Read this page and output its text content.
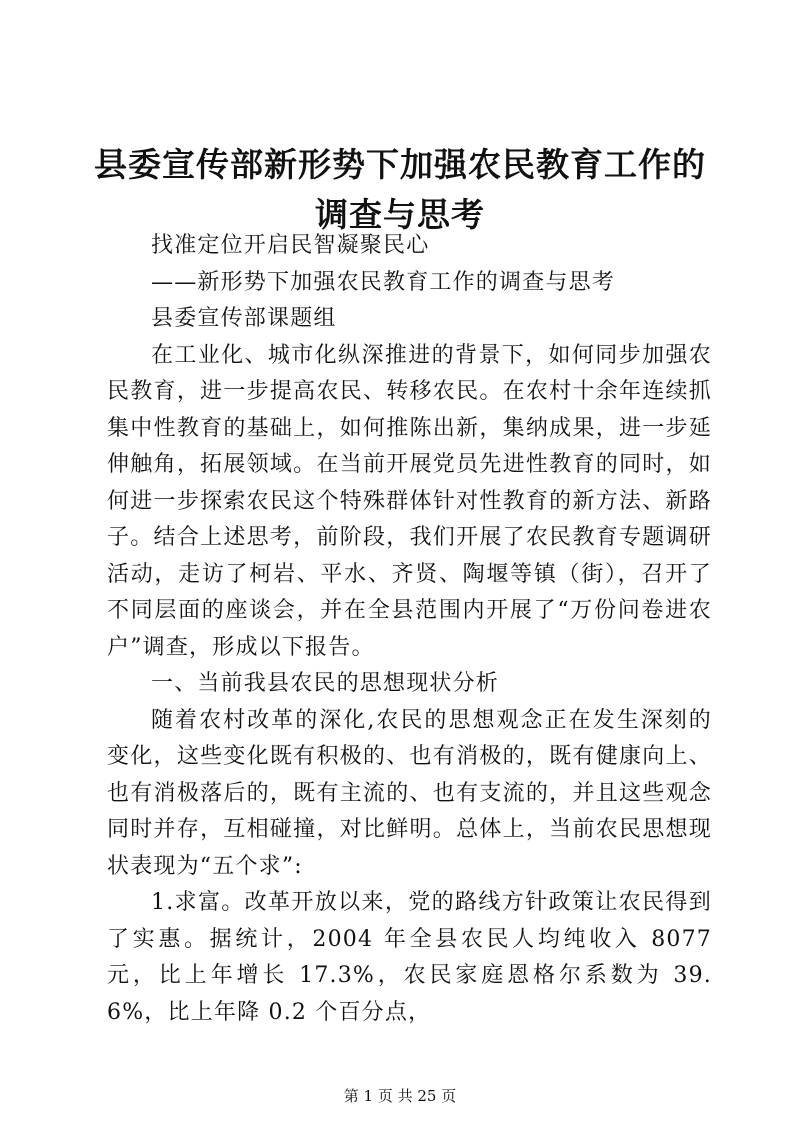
县委宣传部新形势下加强农民教育工作的调查与思考

找准定位开启民智凝聚民心

——新形势下加强农民教育工作的调查与思考

县委宣传部课题组

在工业化、城市化纵深推进的背景下，如何同步加强农民教育，进一步提高农民、转移农民。在农村十余年连续抓集中性教育的基础上，如何推陈出新，集纳成果，进一步延伸触角，拓展领域。在当前开展党员先进性教育的同时，如何进一步探索农民这个特殊群体针对性教育的新方法、新路子。结合上述思考，前阶段，我们开展了农民教育专题调研活动，走访了柯岩、平水、齐贤、陶堰等镇（街），召开了不同层面的座谈会，并在全县范围内开展了“万份问卷进农户”调查，形成以下报告。

一、当前我县农民的思想现状分析

随着农村改革的深化,农民的思想观念正在发生深刻的变化，这些变化既有积极的、也有消极的，既有健康向上、也有消极落后的，既有主流的、也有支流的，并且这些观念同时并存，互相碰撞，对比鲜明。总体上，当前农民思想现状表现为“五个求”:

1.求富。改革开放以来，党的路线方针政策让农民得到了实惠。据统计，2004 年全县农民人均纯收入 8077 元，比上年增长 17.3%，农民家庭恩格尔系数为 39.6%，比上年降 0.2 个百分点，

第 1 页 共 25 页
